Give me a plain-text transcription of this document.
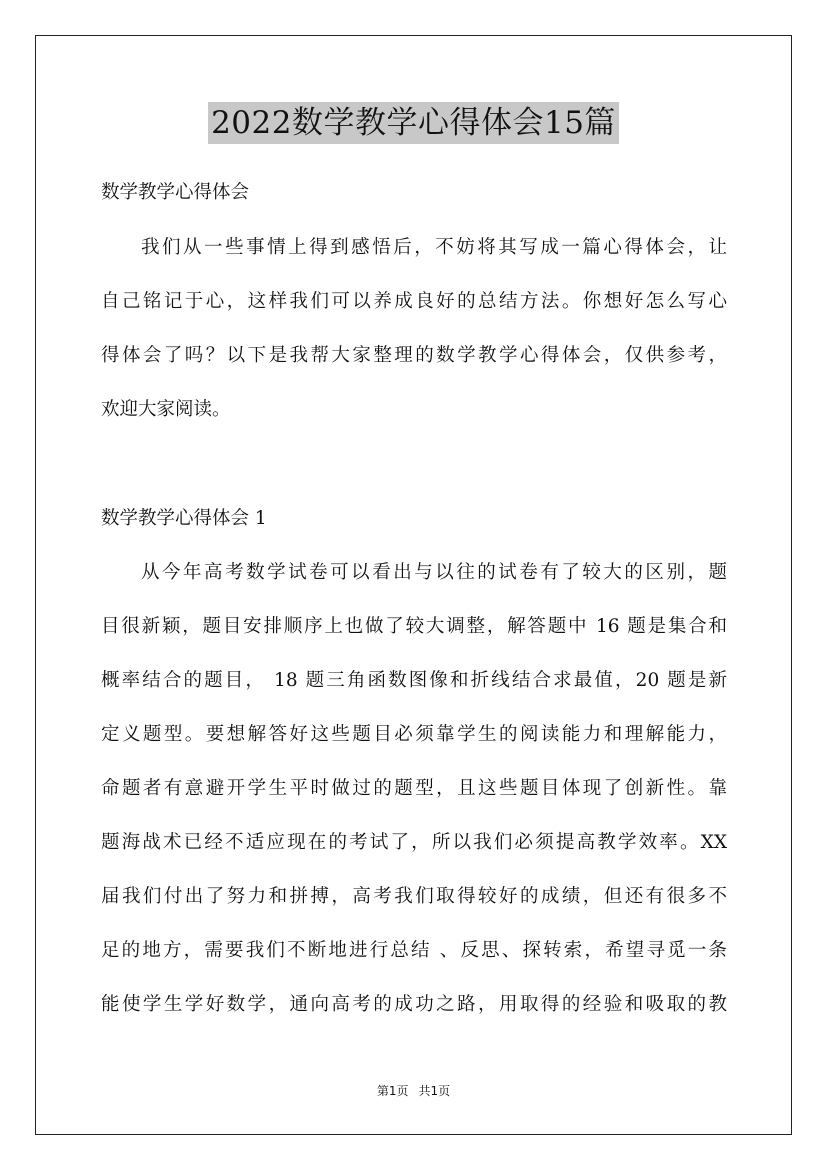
2022数学教学心得体会15篇
数学教学心得体会
我们从一些事情上得到感悟后，不妨将其写成一篇心得体会，让
自己铭记于心，这样我们可以养成良好的总结方法。你想好怎么写心
得体会了吗？以下是我帮大家整理的数学教学心得体会，仅供参考，
欢迎大家阅读。
数学教学心得体会 1
从今年高考数学试卷可以看出与以往的试卷有了较大的区别，题
目很新颖，题目安排顺序上也做了较大调整，解答题中 16 题是集合和
概率结合的题目， 18 题三角函数图像和折线结合求最值，20 题是新
定义题型。要想解答好这些题目必须靠学生的阅读能力和理解能力，
命题者有意避开学生平时做过的题型，且这些题目体现了创新性。靠
题海战术已经不适应现在的考试了，所以我们必须提高教学效率。XX
届我们付出了努力和拼搏，高考我们取得较好的成绩，但还有很多不
足的地方，需要我们不断地进行总结 、反思、探转索，希望寻觅一条
能使学生学好数学，通向高考的成功之路，用取得的经验和吸取的教
第1页 共1页
